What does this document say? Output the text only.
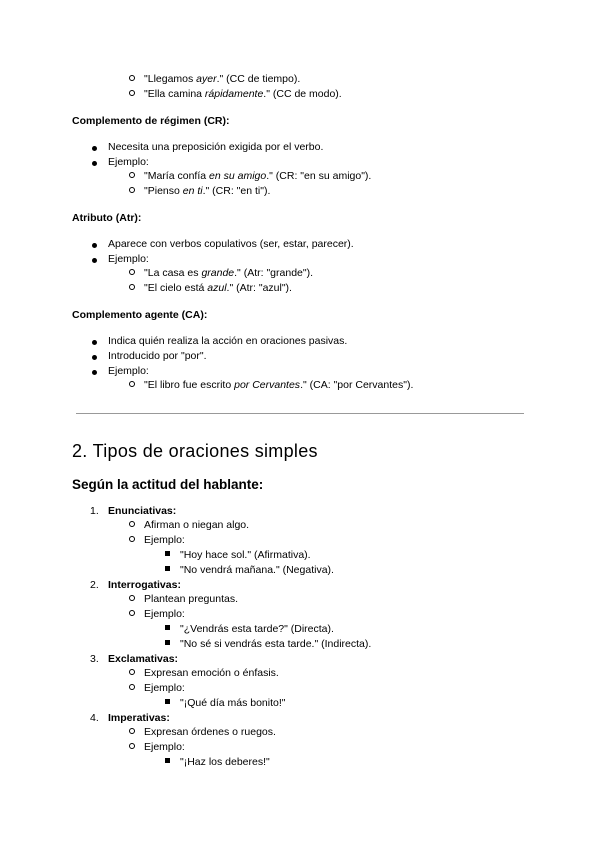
"Llegamos ayer." (CC de tiempo).
"Ella camina rápidamente." (CC de modo).
Complemento de régimen (CR):
Necesita una preposición exigida por el verbo.
Ejemplo:
"María confía en su amigo." (CR: "en su amigo").
"Pienso en ti." (CR: "en ti").
Atributo (Atr):
Aparece con verbos copulativos (ser, estar, parecer).
Ejemplo:
"La casa es grande." (Atr: "grande").
"El cielo está azul." (Atr: "azul").
Complemento agente (CA):
Indica quién realiza la acción en oraciones pasivas.
Introducido por "por".
Ejemplo:
"El libro fue escrito por Cervantes." (CA: "por Cervantes").
2. Tipos de oraciones simples
Según la actitud del hablante:
1. Enunciativas:
Afirman o niegan algo.
Ejemplo:
"Hoy hace sol." (Afirmativa).
"No vendrá mañana." (Negativa).
2. Interrogativas:
Plantean preguntas.
Ejemplo:
"¿Vendrás esta tarde?" (Directa).
"No sé si vendrás esta tarde." (Indirecta).
3. Exclamativas:
Expresan emoción o énfasis.
Ejemplo:
"¡Qué día más bonito!"
4. Imperativas:
Expresan órdenes o ruegos.
Ejemplo:
"¡Haz los deberes!"
